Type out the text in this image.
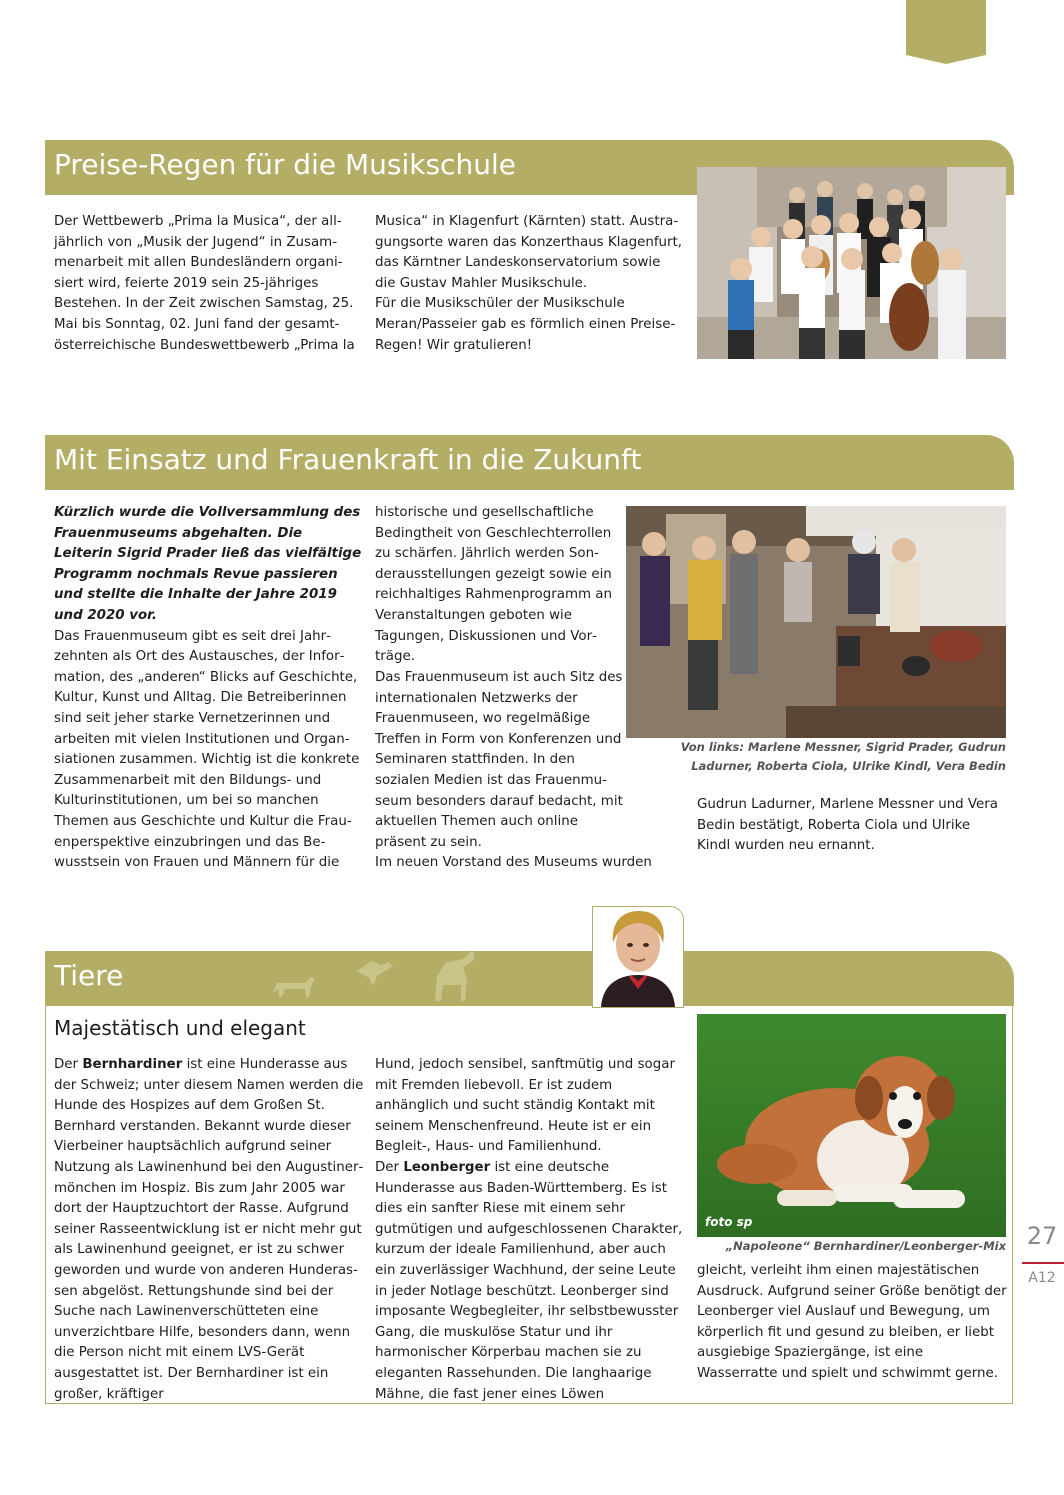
Preise-Regen für die Musikschule

Der Wettbewerb „Prima la Musica“, der alljährlich von „Musik der Jugend“ in Zusammenarbeit mit allen Bundesländern organisiert wird, feierte 2019 sein 25-jähriges Bestehen. In der Zeit zwischen Samstag, 25. Mai bis Sonntag, 02. Juni fand der gesamtösterreichische Bundeswettbewerb „Prima la

Musica“ in Klagenfurt (Kärnten) statt. Austragungsorte waren das Konzerthaus Klagenfurt, das Kärntner Landeskonservatorium sowie die Gustav Mahler Musikschule.

Für die Musikschüler der Musikschule Meran/Passeier gab es förmlich einen Preise-Regen! Wir gratulieren!

Mit Einsatz und Frauenkraft in die Zukunft

Kürzlich wurde die Vollversammlung des Frauenmuseums abgehalten. Die Leiterin Sigrid Prader ließ das vielfältige Programm nochmals Revue passieren und stellte die Inhalte der Jahre 2019 und 2020 vor.

Das Frauenmuseum gibt es seit drei Jahrzehnten als Ort des Austausches, der Information, des „anderen“ Blicks auf Geschichte, Kultur, Kunst und Alltag. Die Betreiberinnen sind seit jeher starke Vernetzerinnen und arbeiten mit vielen Institutionen und Organsiationen zusammen. Wichtig ist die konkrete Zusammenarbeit mit den Bildungs- und Kulturinstitutionen, um bei so manchen Themen aus Geschichte und Kultur die Frauenperspektive einzubringen und das Bewusstsein von Frauen und Männern für die

historische und gesellschaftliche Bedingtheit von Geschlechterrollen zu schärfen. Jährlich werden Sonderausstellungen gezeigt sowie ein reichhaltiges Rahmenprogramm an Veranstaltungen geboten wie Tagungen, Diskussionen und Vorträge.

Das Frauenmuseum ist auch Sitz des internationalen Netzwerks der Frauenmuseen, wo regelmäßige Treffen in Form von Konferenzen und Seminaren stattfinden. In den sozialen Medien ist das Frauenmuseum besonders darauf bedacht, mit aktuellen Themen auch online präsent zu sein.

Im neuen Vorstand des Museums wurden

Von links: Marlene Messner, Sigrid Prader, Gudrun Ladurner, Roberta Ciola, Ulrike Kindl, Vera Bedin

Gudrun Ladurner, Marlene Messner und Vera Bedin bestätigt, Roberta Ciola und Ulrike Kindl wurden neu ernannt.

Tiere
Majestätisch und elegant

Der Bernhardiner ist eine Hunderasse aus der Schweiz; unter diesem Namen werden die Hunde des Hospizes auf dem Großen St. Bernhard verstanden. Bekannt wurde dieser Vierbeiner hauptsächlich aufgrund seiner Nutzung als Lawinenhund bei den Augustinermönchen im Hospiz. Bis zum Jahr 2005 war dort der Hauptzuchtort der Rasse. Aufgrund seiner Rasseentwicklung ist er nicht mehr gut als Lawinenhund geeignet, er ist zu schwer geworden und wurde von anderen Hunderassen abgelöst. Rettungshunde sind bei der Suche nach Lawinenverschütteten eine unverzichtbare Hilfe, besonders dann, wenn die Person nicht mit einem LVS-Gerät ausgestattet ist. Der Bernhardiner ist ein großer, kräftiger

Hund, jedoch sensibel, sanftmütig und sogar mit Fremden liebevoll. Er ist zudem anhänglich und sucht ständig Kontakt mit seinem Menschenfreund. Heute ist er ein Begleit-, Haus- und Familienhund.

Der Leonberger ist eine deutsche Hunderasse aus Baden-Württemberg. Es ist dies ein sanfter Riese mit einem sehr gutmütigen und aufgeschlossenen Charakter, kurzum der ideale Familienhund, aber auch ein zuverlässiger Wachhund, der seine Leute in jeder Notlage beschützt. Leonberger sind imposante Wegbegleiter, ihr selbstbewusster Gang, die muskulöse Statur und ihr harmonischer Körperbau machen sie zu eleganten Rassehunden. Die langhaarige Mähne, die fast jener eines Löwen

foto sp

„Napoleone“ Bernhardiner/Leonberger-Mix

gleicht, verleiht ihm einen majestätischen Ausdruck. Aufgrund seiner Größe benötigt der Leonberger viel Auslauf und Bewegung, um körperlich fit und gesund zu bleiben, er liebt ausgiebige Spaziergänge, ist eine Wasserratte und spielt und schwimmt gerne.

27
A12
